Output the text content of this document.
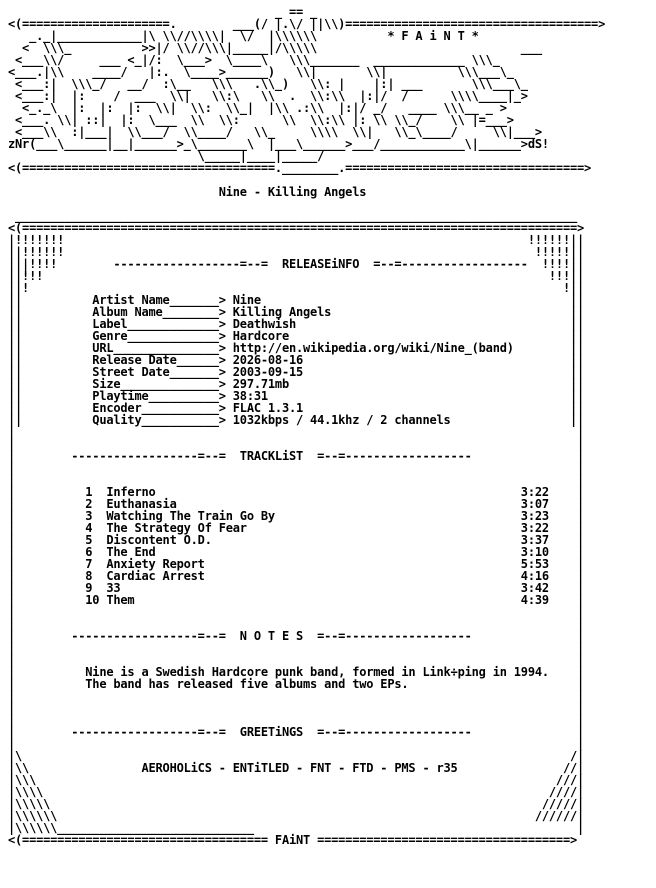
_ == _
<(=====================.        ___(/ |.\/ ||\\)====================================>
_._|____________|\ \\//\\\\|  \/  |\\\\\\          * F A i N T *
<  \\\_          >>|/ \\//\\\|_____|/\\\\\                             ___
<___\\/     ___ <_|/:  \___>  \____\   \\\_______  _____________ \\\_
<___.|\\    ____/   |:.  \____>______)   \\|       \\|          \\\___\_
<___:|  \\\_/   __/  :\__   \\\   .\\_)   \\: |    |:| ___       \\\___\_
<___:|  |:    /  ___  \\|   \\:\   \\  .  \\:\\  |:|/  /      \\\\____|_>
<_._\  |:  |:  |:  \\|  \\:  \\_|  |\\ .:\\  |:|/ _/   ____ \\\__ _ >
<___. \\| ::|  |:  \___  \\  \\:      \\  \\:\\ |: \\ \\_/    \\ |=___>
<___\\  :|___|  \\___/  \\____/   \\_     \\\\  \\|   \\_\____/     \\|___>
zNr(___\______|__|______>_\_______\  |___\______>___/____________\|______>dS!
\_____|____|_____/
<(====================================.________.==================================>
Nine - Killing Angels
________________________________________________________________________________
<(===============================================================================>
|!!!!!!!                                                                  !!!!!!||
||!!!!!!                                                                   !!!!!||
|||!!!!        ------------------=--=  RELEASEiNFO  =--=------------------  !!!!||
||!!!                                                                        !!!||
||!                                                                            !||
||          Artist Name_______> Nine                                            ||
||          Album Name________> Killing Angels                                  ||
||          Label_____________> Deathwish                                       ||
||          Genre_____________> Hardcore                                        ||
||          URL_______________> http://en.wikipedia.org/wiki/Nine_(band)        ||
||          Release Date______> 2026-08-16                                      ||
||          Street Date_______> 2003-09-15                                      ||
||          Size______________> 297.71mb                                        ||
||          Playtime__________> 38:31                                           ||
||          Encoder___________> FLAC 1.3.1                                      ||
||          Quality___________> 1032kbps / 44.1khz / 2 channels                 ||
|                                                                                |
|                                                                                |
|        ------------------=--=  TRACKLiST  =--=------------------               |
|                                                                                |
|                                                                                |
|          1  Inferno                                                    3:22    |
|          2  Euthanasia                                                 3:07    |
|          3  Watching The Train Go By                                   3:23    |
|          4  The Strategy Of Fear                                       3:22    |
|          5  Discontent O.D.                                            3:37    |
|          6  The End                                                    3:10    |
|          7  Anxiety Report                                             5:53    |
|          8  Cardiac Arrest                                             4:16    |
|          9  33                                                         3:42    |
|          10 Them                                                       4:39    |
|                                                                                |
|                                                                                |
|        ------------------=--=  N O T E S  =--=------------------               |
|                                                                                |
|                                                                                |
|          Nine is a Swedish Hardcore punk band, formed in Link÷ping in 1994.    |
|          The band has released five albums and two EPs.                        |
|                                                                                |
|                                                                                |
|                                                                                |
|        ------------------=--=  GREETiNGS  =--=------------------               |
|                                                                                |
|\                                                                              /|
|\\                AEROHOLiCS - ENTiTLED - FNT - FTD - PMS - r35               //|
|\\\                                                                          ///|
|\\\\                                                                        ////|
|\\\\\                                                                      /////|
|\\\\\\                                                                    //////|
|\\\\\\____________________________                                              |
<(=================================== FAiNT ====================================>
